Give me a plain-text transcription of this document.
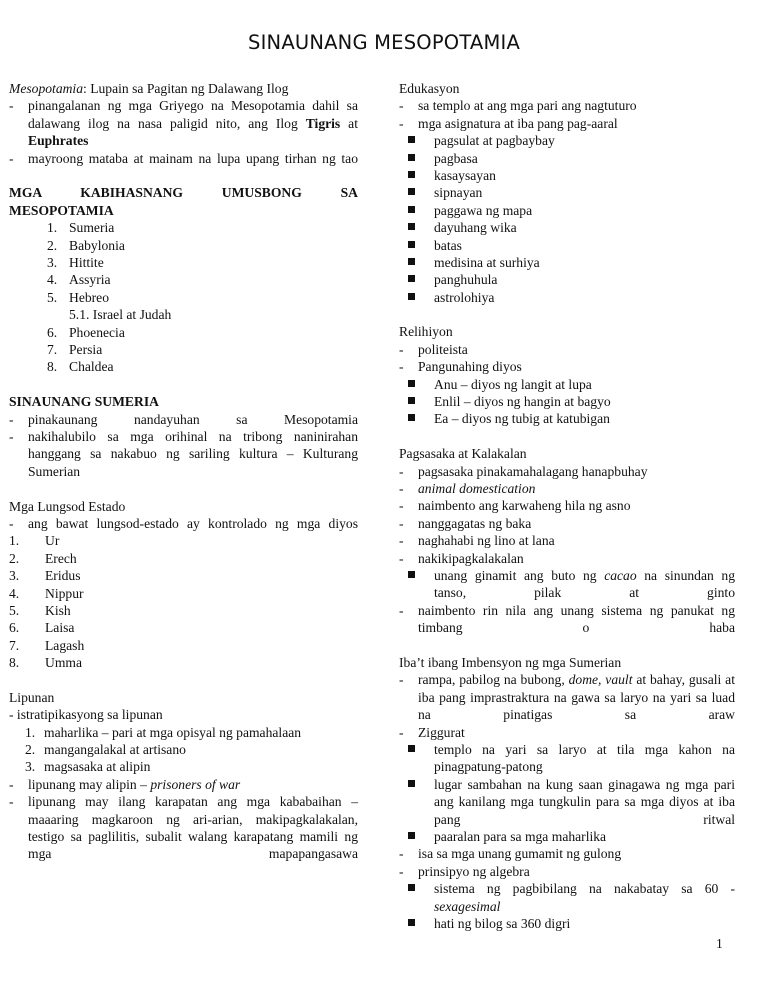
SINAUNANG MESOPOTAMIA
Mesopotamia: Lupain sa Pagitan ng Dalawang Ilog
- pinangalanan ng mga Griyego na Mesopotamia dahil sa dalawang ilog na nasa paligid nito, ang Ilog Tigris at Euphrates
- mayroong mataba at mainam na lupa upang tirhan ng tao
MGA KABIHASNANG UMUSBONG SA MESOPOTAMIA
1. Sumeria
2. Babylonia
3. Hittite
4. Assyria
5. Hebreo
5.1. Israel at Judah
6. Phoenecia
7. Persia
8. Chaldea
SINAUNANG SUMERIA
- pinakaunang nandayuhan sa Mesopotamia
- nakihalubilo sa mga orihinal na tribong naninirahan hanggang sa nakabuo ng sariling kultura – Kulturang Sumerian
Mga Lungsod Estado
- ang bawat lungsod-estado ay kontrolado ng mga diyos
1. Ur
2. Erech
3. Eridus
4. Nippur
5. Kish
6. Laisa
7. Lagash
8. Umma
Lipunan
- istratipikasyong sa lipunan
1. maharlika – pari at mga opisyal ng pamahalaan
2. mangangalakal at artisano
3. magsasaka at alipin
- lipunang may alipin – prisoners of war
- lipunang may ilang karapatan ang mga kababaihan – maaaring magkaroon ng ari-arian, makipagkalakalan, testigo sa paglilitis, subalit walang karapatang mamili ng mga mapapangasawa
Edukasyon
- sa templo at ang mga pari ang nagtuturo
- mga asignatura at iba pang pag-aaral
pagsulat at pagbaybay
pagbasa
kasaysayan
sipnayan
paggawa ng mapa
dayuhang wika
batas
medisina at surhiya
panghuhula
astrolohiya
Relihiyon
- politeista
- Pangunahing diyos
Anu – diyos ng langit at lupa
Enlil – diyos ng hangin at bagyo
Ea – diyos ng tubig at katubigan
Pagsasaka at Kalakalan
- pagsasaka pinakamahalagang hanapbuhay
- animal domestication
- naimbento ang karwaheng hila ng asno
- nanggagatas ng baka
- naghahabi ng lino at lana
- nakikipagkalakalan
unang ginamit ang buto ng cacao na sinundan ng tanso, pilak at ginto
- naimbento rin nila ang unang sistema ng panukat ng timbang o haba
Iba’t ibang Imbensyon ng mga Sumerian
- rampa, pabilog na bubong, dome, vault at bahay, gusali at iba pang imprastraktura na gawa sa laryo na yari sa luad na pinatigas sa araw
- Ziggurat
templo na yari sa laryo at tila mga kahon na pinagpatung-patong
lugar sambahan na kung saan ginagawa ng mga pari ang kanilang mga tungkulin para sa mga diyos at iba pang ritwal
paaralan para sa mga maharlika
- isa sa mga unang gumamit ng gulong
- prinsipyo ng algebra
sistema ng pagbibilang na nakabatay sa 60 - sexagesimal
hati ng bilog sa 360 digri
1
